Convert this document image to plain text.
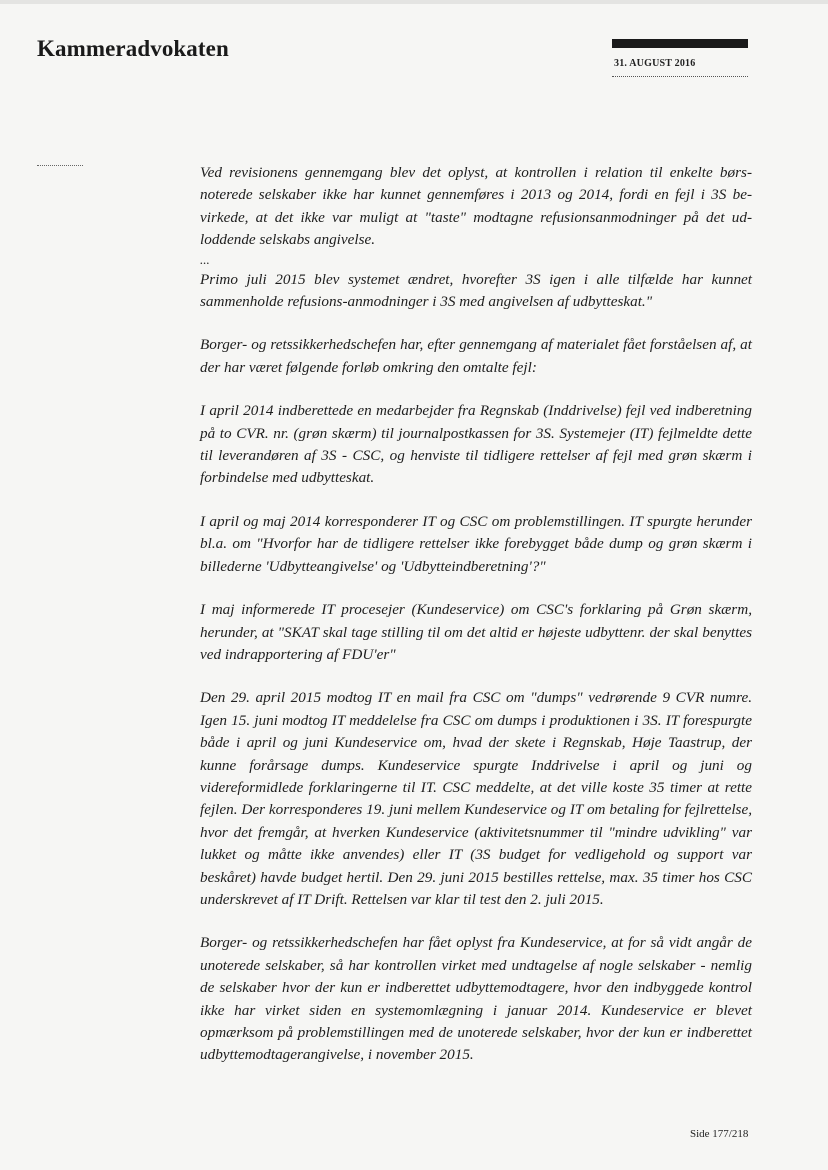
Kammeradvokaten
31. AUGUST 2016

Ved revisionens gennemgang blev det oplyst, at kontrollen i relation til enkelte børsnoterede selskaber ikke har kunnet gennemføres i 2013 og 2014, fordi en fejl i 3S bevirkede, at det ikke var muligt at "taste" modtagne refusionsanmodninger på det udloddende selskabs angivelse.

...

Primo juli 2015 blev systemet ændret, hvorefter 3S igen i alle tilfælde har kunnet sammenholde refusions-anmodninger i 3S med angivelsen af udbytteskat."

Borger- og retssikkerhedschefen har, efter gennemgang af materialet fået forståelsen af, at der har været følgende forløb omkring den omtalte fejl:

I april 2014 indberettede en medarbejder fra Regnskab (Inddrivelse) fejl ved indberetning på to CVR. nr. (grøn skærm) til journalpostkassen for 3S. Systemejer (IT) fejlmeldte dette til leverandøren af 3S - CSC, og henviste til tidligere rettelser af fejl med grøn skærm i forbindelse med udbytteskat.

I april og maj 2014 korresponderer IT og CSC om problemstillingen. IT spurgte herunder bl.a. om "Hvorfor har de tidligere rettelser ikke forebygget både dump og grøn skærm i billederne 'Udbytteangivelse' og 'Udbytteindberetning'?"

I maj informerede IT procesejer (Kundeservice) om CSC's forklaring på Grøn skærm, herunder, at "SKAT skal tage stilling til om det altid er højeste udbyttenr. der skal benyttes ved indrapportering af FDU'er"

Den 29. april 2015 modtog IT en mail fra CSC om "dumps" vedrørende 9 CVR numre. Igen 15. juni modtog IT meddelelse fra CSC om dumps i produktionen i 3S. IT forespurgte både i april og juni Kundeservice om, hvad der skete i Regnskab, Høje Taastrup, der kunne forårsage dumps. Kundeservice spurgte Inddrivelse i april og juni og videreformidlede forklaringerne til IT. CSC meddelte, at det ville koste 35 timer at rette fejlen. Der korresponderes 19. juni mellem Kundeservice og IT om betaling for fejlrettelse, hvor det fremgår, at hverken Kundeservice (aktivitetsnummer til "mindre udvikling" var lukket og måtte ikke anvendes) eller IT (3S budget for vedligehold og support var beskåret) havde budget hertil. Den 29. juni 2015 bestilles rettelse, max. 35 timer hos CSC underskrevet af IT Drift. Rettelsen var klar til test den 2. juli 2015.

Borger- og retssikkerhedschefen har fået oplyst fra Kundeservice, at for så vidt angår de unoterede selskaber, så har kontrollen virket med undtagelse af nogle selskaber - nemlig de selskaber hvor der kun er indberettet udbyttemodtagere, hvor den indbyggede kontrol ikke har virket siden en systemomlægning i januar 2014. Kundeservice er blevet opmærksom på problemstillingen med de unoterede selskaber, hvor der kun er indberettet udbyttemodtagerangivelse, i november 2015.

Side 177/218
